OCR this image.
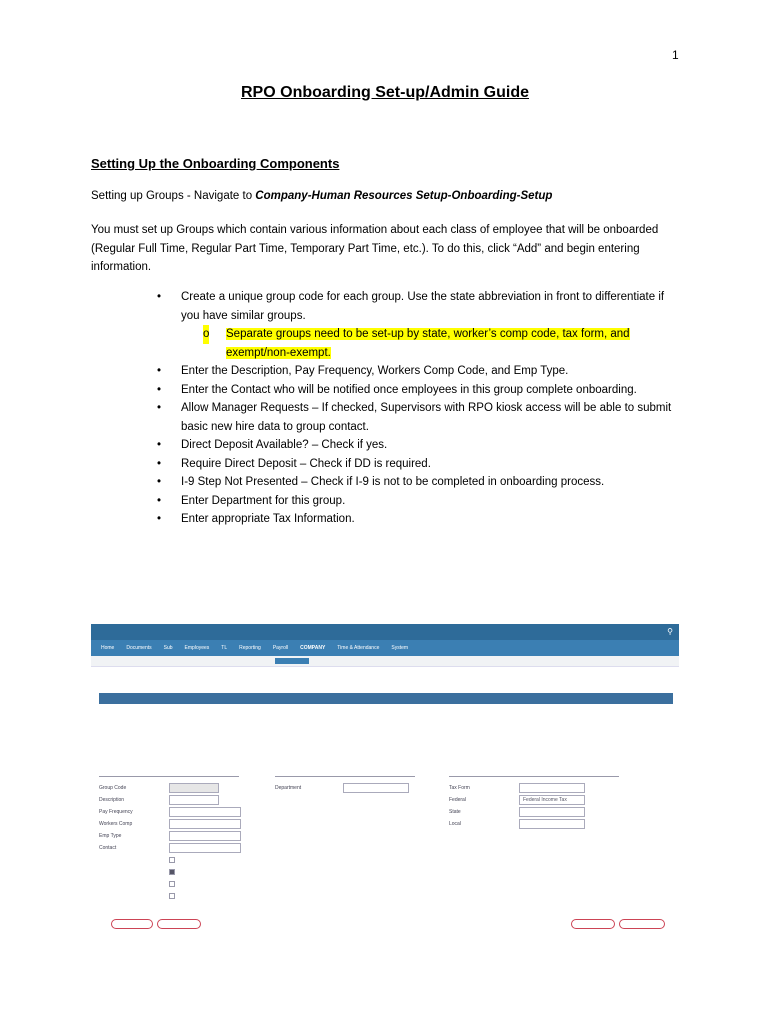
1
RPO Onboarding Set-up/Admin Guide
Setting Up the Onboarding Components
Setting up Groups - Navigate to Company-Human Resources Setup-Onboarding-Setup
You must set up Groups which contain various information about each class of employee that will be onboarded (Regular Full Time, Regular Part Time, Temporary Part Time, etc.). To do this, click “Add” and begin entering information.
• Create a unique group code for each group. Use the state abbreviation in front to differentiate if you have similar groups.
o Separate groups need to be set-up by state, worker’s comp code, tax form, and exempt/non-exempt.
• Enter the Description, Pay Frequency, Workers Comp Code, and Emp Type.
• Enter the Contact who will be notified once employees in this group complete onboarding.
• Allow Manager Requests – If checked, Supervisors with RPO kiosk access will be able to submit basic new hire data to group contact.
• Direct Deposit Available? – Check if yes.
• Require Direct Deposit – Check if DD is required.
• I-9 Step Not Presented – Check if I-9 is not to be completed in onboarding process.
• Enter Department for this group.
• Enter appropriate Tax Information.
⚲
Home Documents Sub Employees TL Reporting Payroll COMPANY Time & Attendance System

Group Code
Description
Pay Frequency
Workers Comp
Emp Type
Contact

Department
	Tax Form
Federal	Federal Income Tax
State
Local
